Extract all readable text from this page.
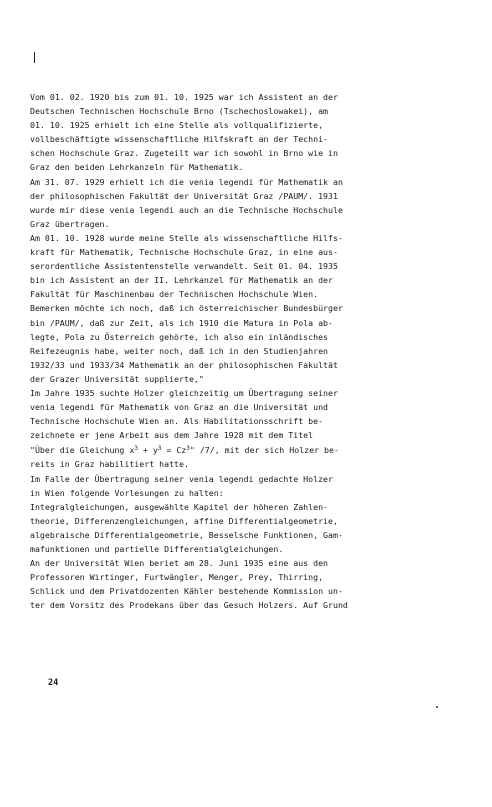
Vom 01. 02. 1920 bis zum 01. 10. 1925 war ich Assistent an der
Deutschen Technischen Hochschule Brno (Tschechoslowakei), am
01. 10. 1925 erhielt ich eine Stelle als vollqualifizierte,
vollbeschäftigte wissenschaftliche Hilfskraft an der Techni-
schen Hochschule Graz. Zugeteilt war ich sowohl in Brno wie in
Graz den beiden Lehrkanzeln für Mathematik.
Am 31. 07. 1929 erhielt ich die venia legendi für Mathematik an
der philosophischen Fakultät der Universität Graz /PAUM/. 1931
wurde mir diese venia legendi auch an die Technische Hochschule
Graz übertragen.
Am 01. 10. 1928 wurde meine Stelle als wissenschaftliche Hilfs-
kraft für Mathematik, Technische Hochschule Graz, in eine aus-
serordentliche Assistentenstelle verwandelt. Seit 01. 04. 1935
bin ich Assistent an der II. Lehrkanzel für Mathematik an der
Fakultät für Maschinenbau der Technischen Hochschule Wien.
Bemerken möchte ich noch, daß ich österreichischer Bundesbürger
bin /PAUM/, daß zur Zeit, als ich 1910 die Matura in Pola ab-
legte, Pola zu Österreich gehörte, ich also ein inländisches
Reifezeugnis habe, weiter noch, daß ich in den Studienjahren
1932/33 und 1933/34 Mathematik an der philosophischen Fakultät
der Grazer Universität supplierte,"
Im Jahre 1935 suchte Holzer gleichzeitig um Übertragung seiner
venia legendi für Mathematik von Graz an die Universität und
Technische Hochschule Wien an. Als Habilitationsschrift be-
zeichnete er jene Arbeit aus dem Jahre 1928 mit dem Titel
"Über die Gleichung $x^3 + y^3 = Cz^3$" /7/, mit der sich Holzer be-
reits in Graz habilitiert hatte.
Im Falle der Übertragung seiner venia legendi gedachte Holzer
in Wien folgende Vorlesungen zu halten:
Integralgleichungen, ausgewählte Kapitel der höheren Zahlen-
theorie, Differenzengleichungen, affine Differentialgeometrie,
algebraische Differentialgeometrie, Besselsche Funktionen, Gam-
mafunktionen und partielle Differentialgleichungen.
An der Universität Wien beriet am 28. Juni 1935 eine aus den
Professoren Wirtinger, Furtwängler, Menger, Prey, Thirring,
Schlick und dem Privatdozenten Kähler bestehende Kommission un-
ter dem Vorsitz des Prodekans über das Gesuch Holzers. Auf Grund
24
